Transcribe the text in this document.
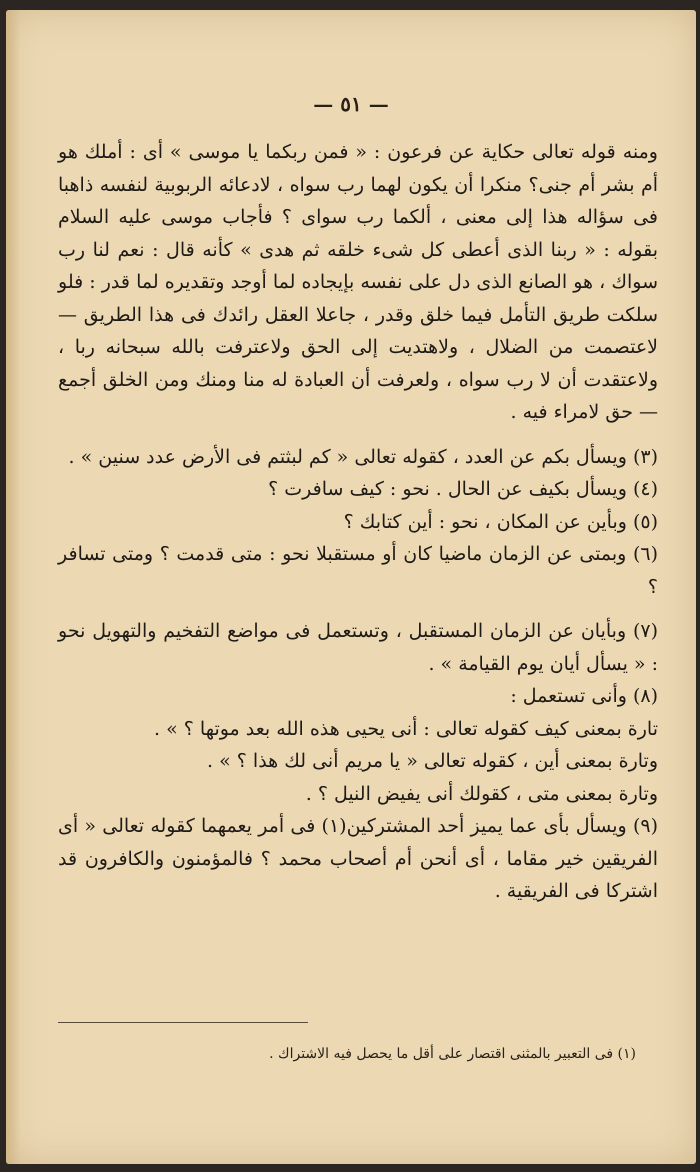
— ٥١ —

ومنه قوله تعالى حكاية عن فرعون : « فمن ربكما يا موسى » أى : أملك هو أم بشر أم جنى؟ منكرا أن يكون لهما رب سواه ، لادعائه الربوبية لنفسه ذاهبا فى سؤاله هذا إلى معنى ، ألكما رب سواى ؟ فأجاب موسى عليه السلام بقوله : « ربنا الذى أعطى كل شىء خلقه ثم هدى » كأنه قال : نعم لنا رب سواك ، هو الصانع الذى دل على نفسه بإيجاده لما أوجد وتقديره لما قدر : فلو سلكت طريق التأمل فيما خلق وقدر ، جاعلا العقل رائدك فى هذا الطريق — لاعتصمت من الضلال ، ولاهتديت إلى الحق ولاعترفت بالله سبحانه ربا ، ولاعتقدت أن لا رب سواه ، ولعرفت أن العبادة له منا ومنك ومن الخلق أجمع — حق لامراء فيه .

(٣) ويسأل بكم عن العدد ، كقوله تعالى « كم لبثتم فى الأرض عدد سنين » .

(٤) ويسأل بكيف عن الحال . نحو : كيف سافرت ؟

(٥) وبأين عن المكان ، نحو : أين كتابك ؟

(٦) وبمتى عن الزمان ماضيا كان أو مستقبلا نحو : متى قدمت ؟ ومتى تسافر ؟

(٧) وبأيان عن الزمان المستقبل ، وتستعمل فى مواضع التفخيم والتهويل نحو : « يسأل أيان يوم القيامة » .

(٨) وأنى تستعمل :

تارة بمعنى كيف كقوله تعالى : أنى يحيى هذه الله بعد موتها ؟ » .

وتارة بمعنى أين ، كقوله تعالى « يا مريم أنى لك هذا ؟ » .

وتارة بمعنى متى ، كقولك أنى يفيض النيل ؟ .

(٩) ويسأل بأى عما يميز أحد المشتركين(١) فى أمر يعمهما كقوله تعالى « أى الفريقين خير مقاما ، أى أنحن أم أصحاب محمد ؟ فالمؤمنون والكافرون قد اشتركا فى الفريقية .

(١) فى التعبير بالمثنى اقتصار على أقل ما يحصل فيه الاشتراك .
